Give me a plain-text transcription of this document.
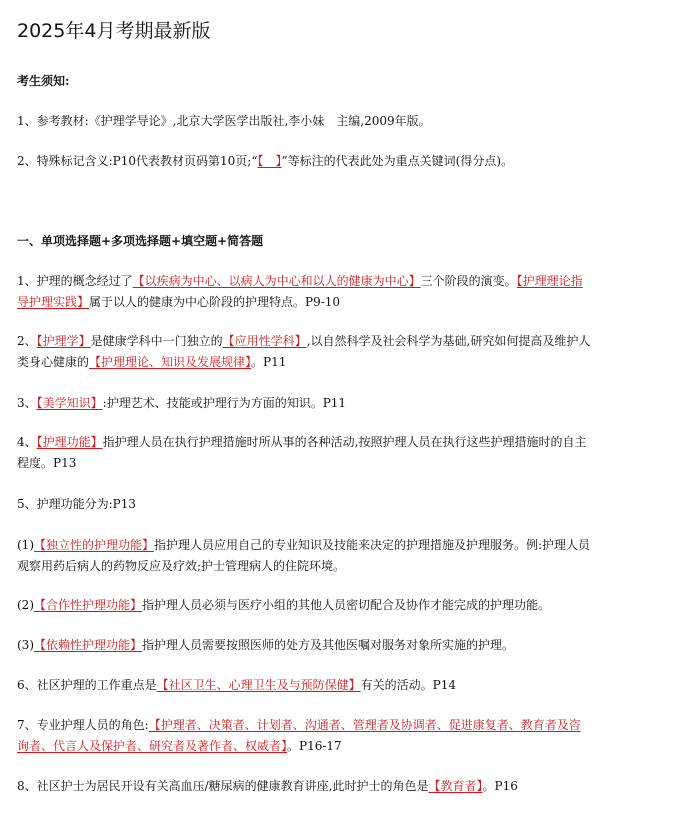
2025年4月考期最新版
考生须知:
1、参考教材:《护理学导论》,北京大学医学出版社,李小妹　主编,2009年版。
2、特殊标记含义:P10代表教材页码第10页;“【　】”等标注的代表此处为重点关键词(得分点)。
一、单项选择题+多项选择题+填空题+简答题
1、护理的概念经过了【以疾病为中心、以病人为中心和以人的健康为中心】三个阶段的演变。【护理理论指导护理实践】属于以人的健康为中心阶段的护理特点。P9-10
2、【护理学】是健康学科中一门独立的【应用性学科】,以自然科学及社会科学为基础,研究如何提高及维护人类身心健康的【护理理论、知识及发展规律】。P11
3、【美学知识】:护理艺术、技能或护理行为方面的知识。P11
4、【护理功能】指护理人员在执行护理措施时所从事的各种活动,按照护理人员在执行这些护理措施时的自主程度。P13
5、护理功能分为:P13
(1)【独立性的护理功能】指护理人员应用自己的专业知识及技能来决定的护理措施及护理服务。例:护理人员观察用药后病人的药物反应及疗效;护士管理病人的住院环境。
(2)【合作性护理功能】指护理人员必须与医疗小组的其他人员密切配合及协作才能完成的护理功能。
(3)【依赖性护理功能】指护理人员需要按照医师的处方及其他医嘱对服务对象所实施的护理。
6、社区护理的工作重点是【社区卫生、心理卫生及与预防保健】有关的活动。P14
7、专业护理人员的角色:【护理者、决策者、计划者、沟通者、管理者及协调者、促进康复者、教育者及咨询者、代言人及保护者、研究者及著作者、权威者】。P16-17
8、社区护士为居民开设有关高血压/糖尿病的健康教育讲座,此时护士的角色是【教育者】。P16
